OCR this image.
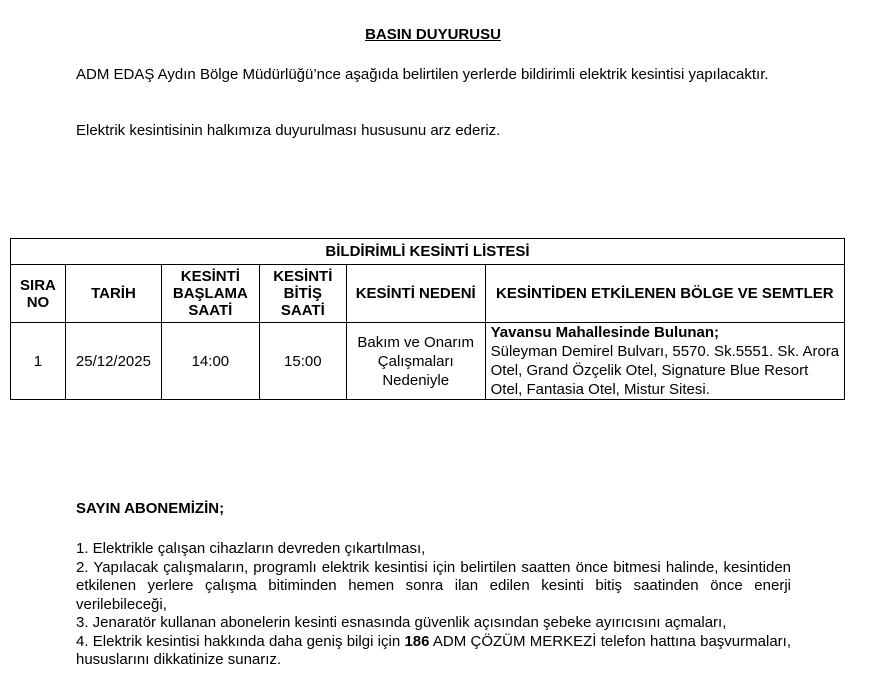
BASIN DUYURUSU
ADM EDAŞ Aydın Bölge Müdürlüğü’nce aşağıda belirtilen yerlerde bildirimli elektrik kesintisi yapılacaktır.
Elektrik kesintisinin halkımıza duyurulması hususunu arz ederiz.
BİLDİRİMLİ KESİNTİ LİSTESİ					
SIRA NO	TARİH	KESİNTİ BAŞLAMA SAATİ	KESİNTİ BİTİŞ SAATİ	KESİNTİ NEDENİ	KESİNTİDEN ETKİLENEN BÖLGE VE SEMTLER
1	25/12/2025	14:00	15:00	Bakım ve Onarım Çalışmaları Nedeniyle	Yavansu Mahallesinde Bulunan;
Süleyman Demirel Bulvarı, 5570. Sk.5551. Sk. Arora Otel, Grand Özçelik Otel, Signature Blue Resort Otel, Fantasia Otel, Mistur Sitesi.
SAYIN ABONEMİZİN;
1. Elektrikle çalışan cihazların devreden çıkartılması,
2. Yapılacak çalışmaların, programlı elektrik kesintisi için belirtilen saatten önce bitmesi halinde, kesintiden etkilenen yerlere çalışma bitiminden hemen sonra ilan edilen kesinti bitiş saatinden önce enerji verilebileceği,
3. Jenaratör kullanan abonelerin kesinti esnasında güvenlik açısından şebeke ayırıcısını açmaları,
4. Elektrik kesintisi hakkında daha geniş bilgi için 186 ADM ÇÖZÜM MERKEZİ telefon hattına başvurmaları, hususlarını dikkatinize sunarız.
